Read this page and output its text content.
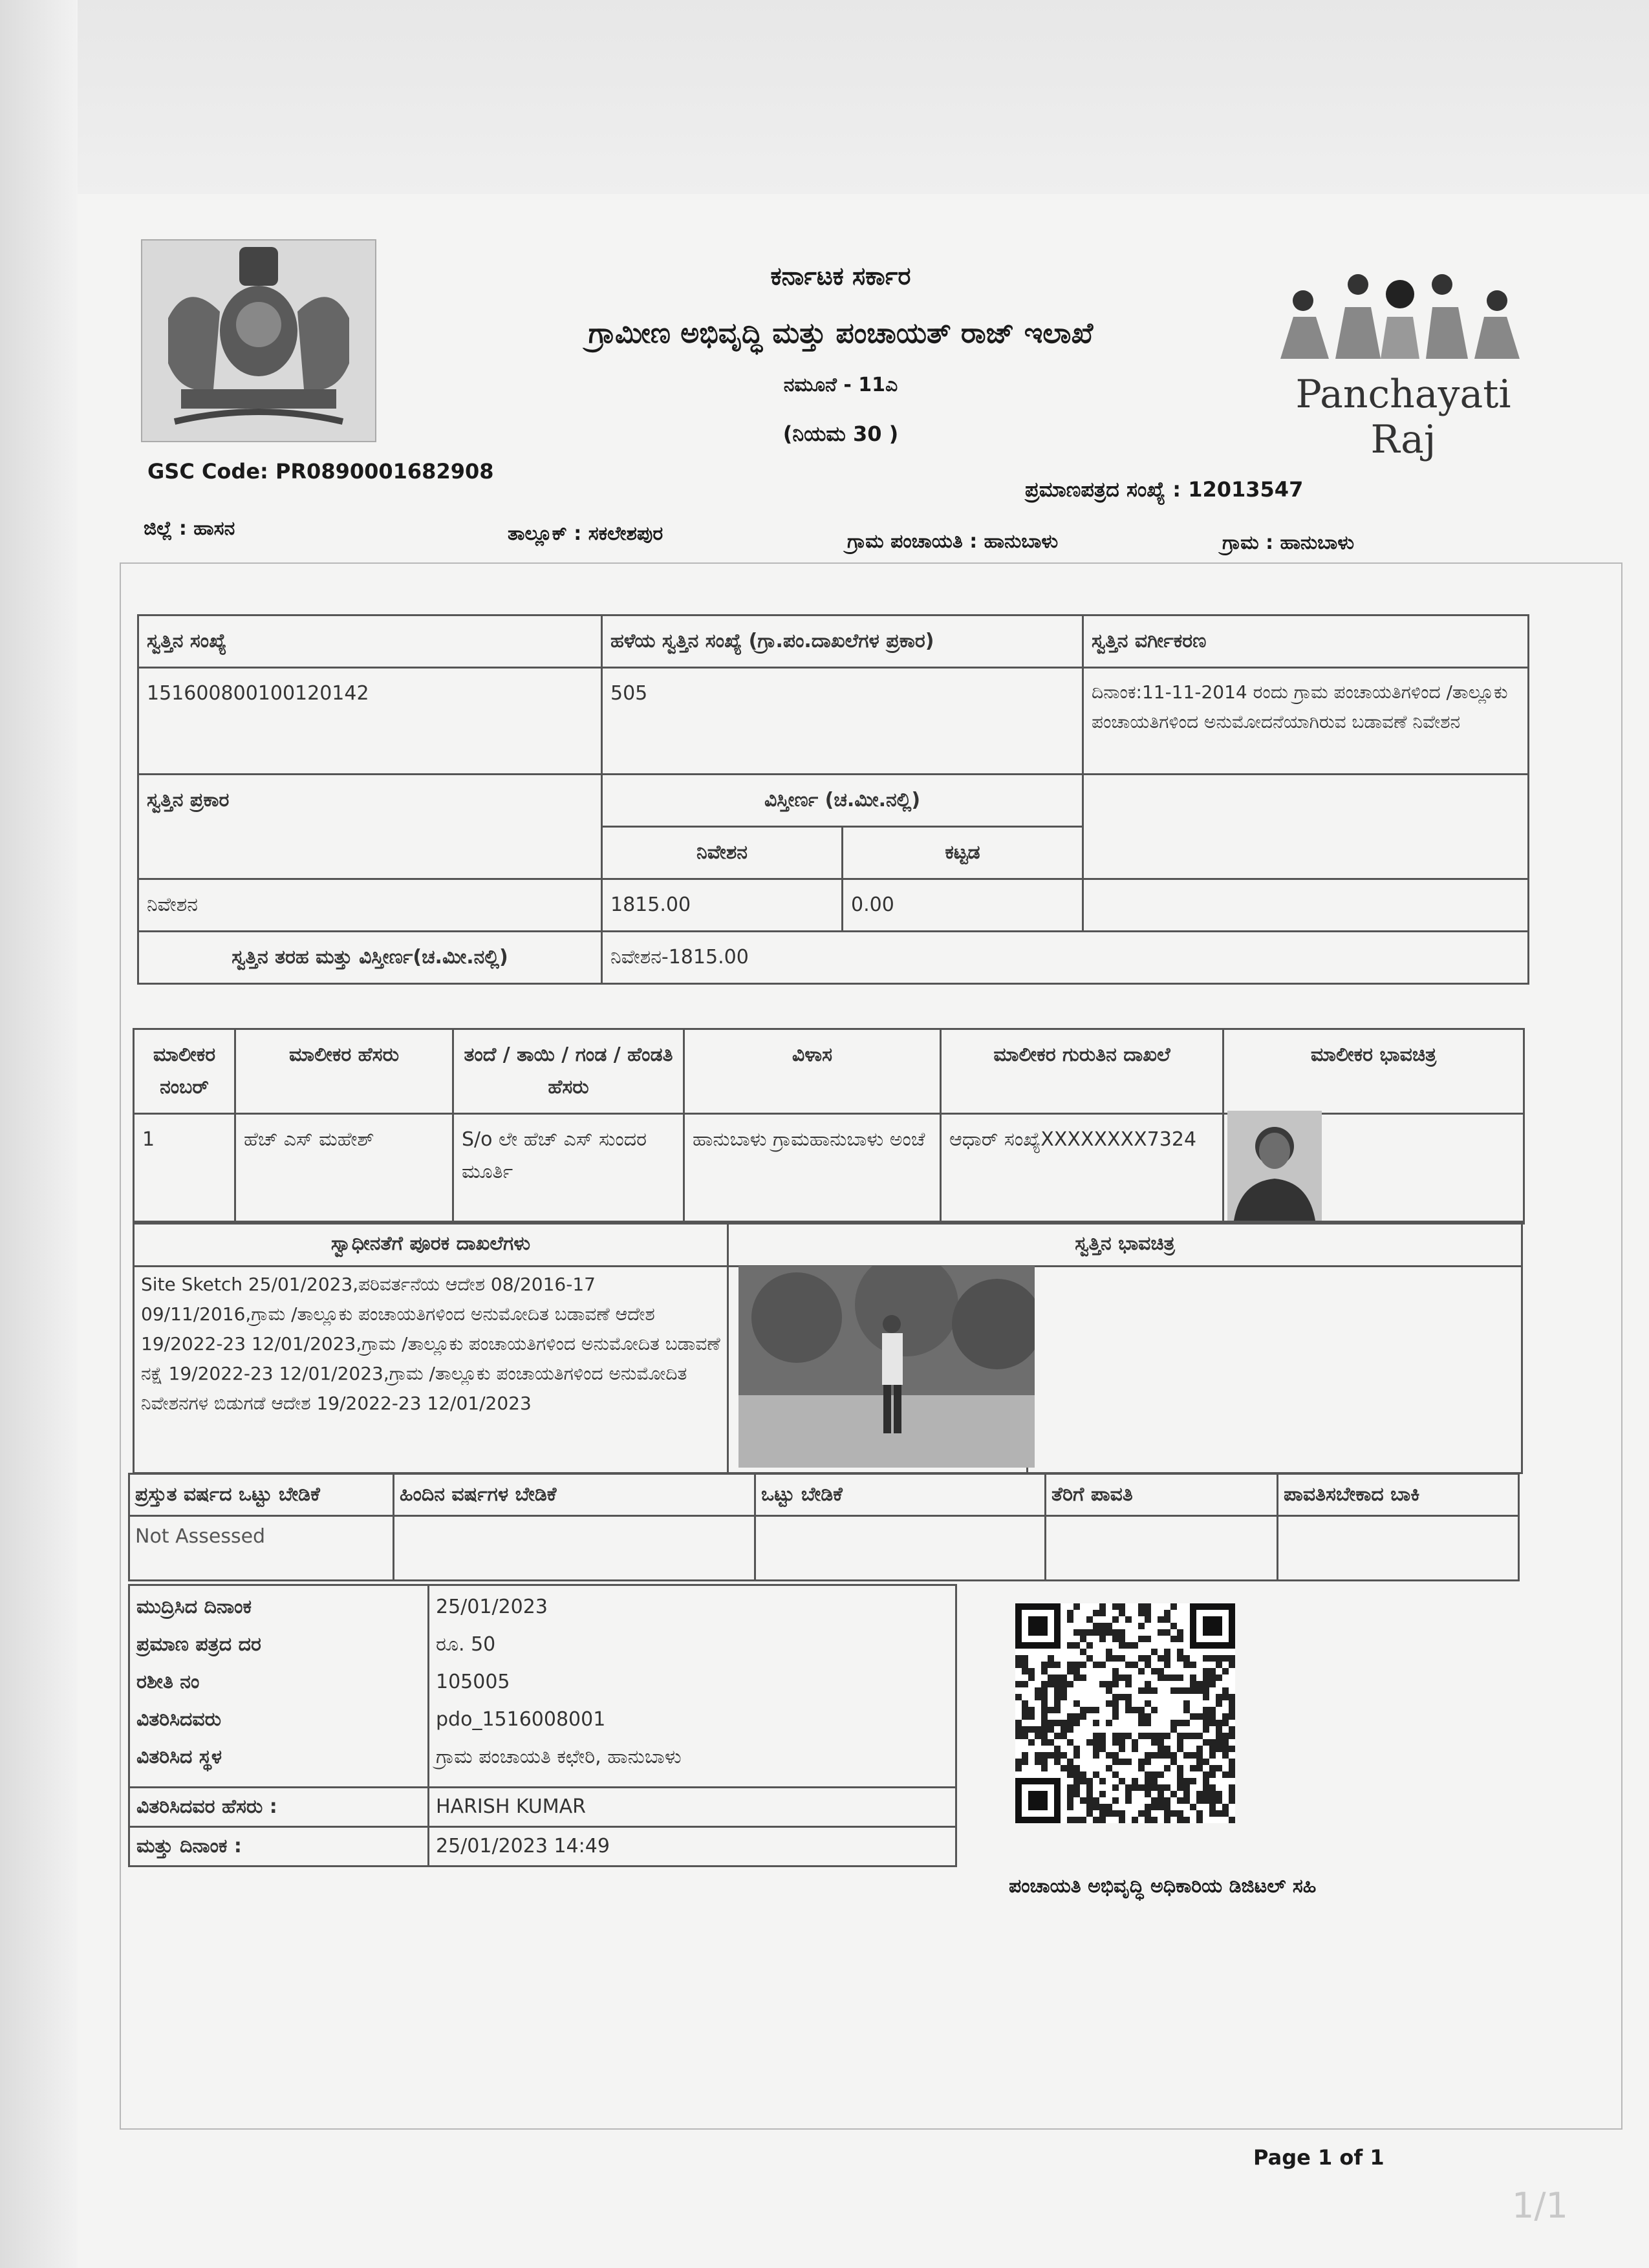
ಕರ್ನಾಟಕ ಸರ್ಕಾರ
ಗ್ರಾಮೀಣ ಅಭಿವೃದ್ಧಿ ಮತ್ತು ಪಂಚಾಯತ್ ರಾಜ್ ಇಲಾಖೆ
ನಮೂನೆ - 11ಎ
(ನಿಯಮ 30 )
Panchayati Raj
GSC Code: PR0890001682908
ಪ್ರಮಾಣಪತ್ರದ ಸಂಖ್ಯೆ : 12013547
ಜಿಲ್ಲೆ : ಹಾಸನ	ತಾಲ್ಲೂಕ್ : ಸಕಲೇಶಪುರ	ಗ್ರಾಮ ಪಂಚಾಯತಿ : ಹಾನುಬಾಳು	ಗ್ರಾಮ : ಹಾನುಬಾಳು
ಸ್ವತ್ತಿನ ಸಂಖ್ಯೆ	ಹಳೆಯ ಸ್ವತ್ತಿನ ಸಂಖ್ಯೆ (ಗ್ರಾ.ಪಂ.ದಾಖಲೆಗಳ ಪ್ರಕಾರ)		ಸ್ವತ್ತಿನ ವರ್ಗೀಕರಣ
151600800100120142	505		ದಿನಾಂಕ:11-11-2014 ರಂದು ಗ್ರಾಮ ಪಂಚಾಯತಿಗಳಿಂದ /ತಾಲ್ಲೂಕು ಪಂಚಾಯತಿಗಳಿಂದ ಅನುಮೋದನೆಯಾಗಿರುವ ಬಡಾವಣೆ ನಿವೇಶನ
ಸ್ವತ್ತಿನ ಪ್ರಕಾರ	ವಿಸ್ತೀರ್ಣ (ಚ.ಮೀ.ನಲ್ಲಿ)		
	ನಿವೇಶನ	ಕಟ್ಟಡ	
ನಿವೇಶನ	1815.00	0.00	
ಸ್ವತ್ತಿನ ತರಹ ಮತ್ತು ವಿಸ್ತೀರ್ಣ(ಚ.ಮೀ.ನಲ್ಲಿ)	ನಿವೇಶನ-1815.00		
ಮಾಲೀಕರ ನಂಬರ್	ಮಾಲೀಕರ ಹೆಸರು	ತಂದೆ / ತಾಯಿ / ಗಂಡ / ಹೆಂಡತಿ ಹೆಸರು	ವಿಳಾಸ	ಮಾಲೀಕರ ಗುರುತಿನ ದಾಖಲೆ	ಮಾಲೀಕರ ಭಾವಚಿತ್ರ
1	ಹೆಚ್ ಎಸ್ ಮಹೇಶ್	S/o ಲೇ ಹೆಚ್ ಎಸ್ ಸುಂದರ ಮೂರ್ತಿ	ಹಾನುಬಾಳು ಗ್ರಾಮಹಾನುಬಾಳು ಅಂಚೆ	ಆಧಾರ್ ಸಂಖ್ಯೆXXXXXXXX7324	
ಸ್ವಾಧೀನತೆಗೆ ಪೂರಕ ದಾಖಲೆಗಳು	ಸ್ವತ್ತಿನ ಭಾವಚಿತ್ರ	
Site Sketch 25/01/2023,ಪರಿವರ್ತನೆಯ ಆದೇಶ 08/2016-17 09/11/2016,ಗ್ರಾಮ /ತಾಲ್ಲೂಕು ಪಂಚಾಯತಿಗಳಿಂದ ಅನುಮೋದಿತ ಬಡಾವಣೆ ಆದೇಶ 19/2022-23 12/01/2023,ಗ್ರಾಮ /ತಾಲ್ಲೂಕು ಪಂಚಾಯತಿಗಳಿಂದ ಅನುಮೋದಿತ ಬಡಾವಣೆ ನಕ್ಷೆ 19/2022-23 12/01/2023,ಗ್ರಾಮ /ತಾಲ್ಲೂಕು ಪಂಚಾಯತಿಗಳಿಂದ ಅನುಮೋದಿತ ನಿವೇಶನಗಳ ಬಿಡುಗಡೆ ಆದೇಶ 19/2022-23 12/01/2023		
ಪ್ರಸ್ತುತ ವರ್ಷದ ಒಟ್ಟು ಬೇಡಿಕೆ	ಹಿಂದಿನ ವರ್ಷಗಳ ಬೇಡಿಕೆ	ಒಟ್ಟು ಬೇಡಿಕೆ	ತೆರಿಗೆ ಪಾವತಿ	ಪಾವತಿಸಬೇಕಾದ ಬಾಕಿ
Not Assessed				
ಮುದ್ರಿಸಿದ ದಿನಾಂಕ	25/01/2023
ಪ್ರಮಾಣ ಪತ್ರದ ದರ	ರೂ. 50
ರಶೀತಿ ನಂ	105005
ವಿತರಿಸಿದವರು	pdo_1516008001
ವಿತರಿಸಿದ ಸ್ಥಳ	ಗ್ರಾಮ ಪಂಚಾಯತಿ ಕಛೇರಿ, ಹಾನುಬಾಳು
ವಿತರಿಸಿದವರ ಹೆಸರು :	HARISH KUMAR
ಮತ್ತು ದಿನಾಂಕ :	25/01/2023 14:49
ಪಂಚಾಯತಿ ಅಭಿವೃದ್ಧಿ ಅಧಿಕಾರಿಯ ಡಿಜಿಟಲ್ ಸಹಿ
Page 1 of 1
1/1
